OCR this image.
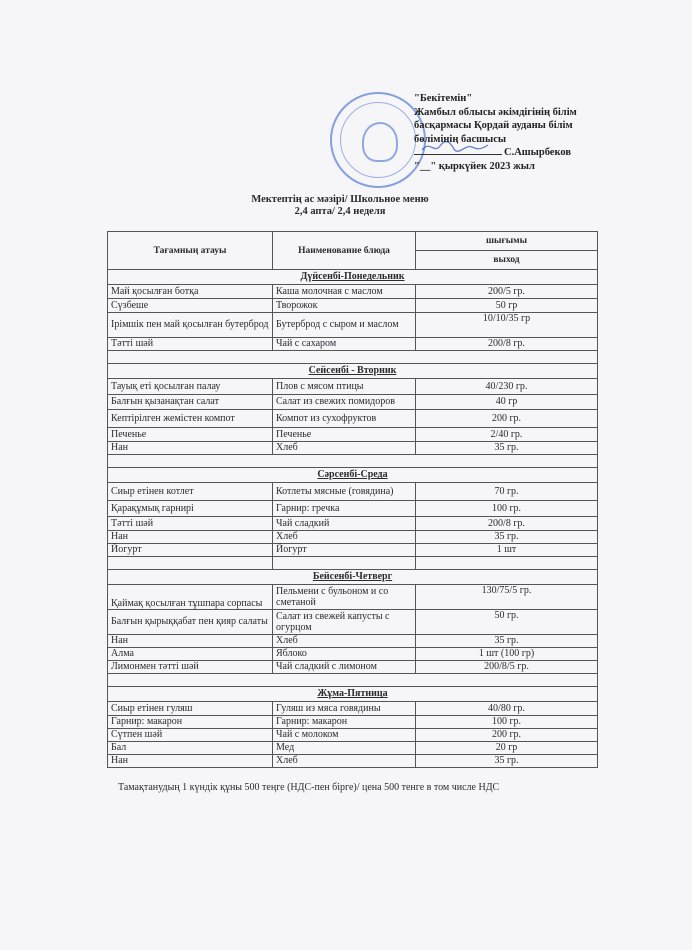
"Бекітемін"
Жамбыл облысы әкімдігінің білім
басқармасы Қордай ауданы білім
бөлімінің басшысы
С.Ашырбеков
"__" қыркүйек 2023 жыл
Мектептің ас мәзірі/ Школьное меню
2,4 апта/ 2,4 неделя
Тағамның атауы	Наименование блюда	шығымы
		выход
Дүйсенбі-Понедельник		
Май қосылған ботқа	Каша молочная с маслом	200/5 гр.
Сүзбеше	Творожок	50 гр
Ірімшік пен май қосылған бутерброд	Бутерброд с сыром и маслом	10/10/35 гр
Тәтті шәй	Чай с сахаром	200/8 гр.

Сейсенбі - Вторник		
Тауық еті қосылған палау	Плов с мясом птицы	40/230 гр.
Балғын қызанақтан салат	Салат из свежих помидоров	40 гр
Кептірілген жемістен компот	Компот из сухофруктов	200 гр.
Печенье	Печенье	2/40 гр.
Нан	Хлеб	35 гр.

Сәрсенбі-Среда		
Сиыр етінен котлет	Котлеты мясные (говядина)	70 гр.
Қарақұмық гарнирі	Гарнир: гречка	100 гр.
Тәтті шәй	Чай сладкий	200/8 гр.
Нан	Хлеб	35 гр.
Йогурт	Йогурт	1 шт

Бейсенбі-Четверг		
Қаймақ қосылған тұшпара сорпасы	Пельмени с бульоном и со сметаной	130/75/5 гр.
Балғын қырыққабат пен қияр салаты	Салат из свежей капусты с огурцом	50 гр.
Нан	Хлеб	35 гр.
Алма	Яблоко	1 шт (100 гр)
Лимонмен тәтті шәй	Чай сладкий с лимоном	200/8/5 гр.

Жұма-Пятница		
Сиыр етінен гуляш	Гуляш из мяса говядины	40/80 гр.
Гарнир: макарон	Гарнир: макарон	100 гр.
Сүтпен шәй	Чай с молоком	200 гр.
Бал	Мед	20 гр
Нан	Хлеб	35 гр.
Тамақтанудың 1 күндік құны 500 теңге (НДС-пен бірге)/ цена 500 тенге в том числе НДС
